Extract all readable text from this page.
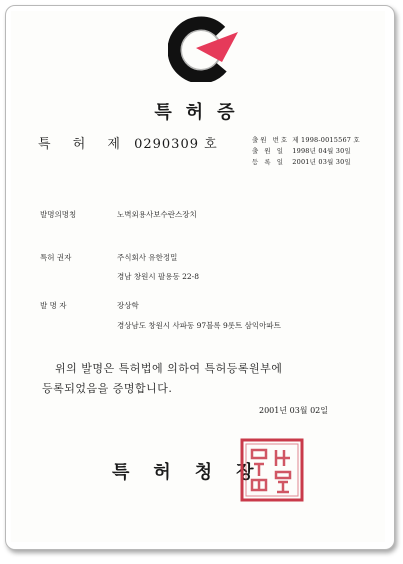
특허증
특 허 제 0290309 호	출원 번호 제 1998-0015567 호
출 원 일 1998년 04월 30일
등 록 일 2001년 03월 30일
발명의명칭	노벽외용사보수란스장치
특허 권자	주식회사 유한정밀
경남 창원시 팔용동 22-8
발 명 자	장상학
경상남도 창원시 사파동 97블록 9롯트 삼익아파트
위의 발명은 특허법에 의하여 특허등록원부에
등록되었음을 증명합니다.
2001년 03월 02일
특허청장
